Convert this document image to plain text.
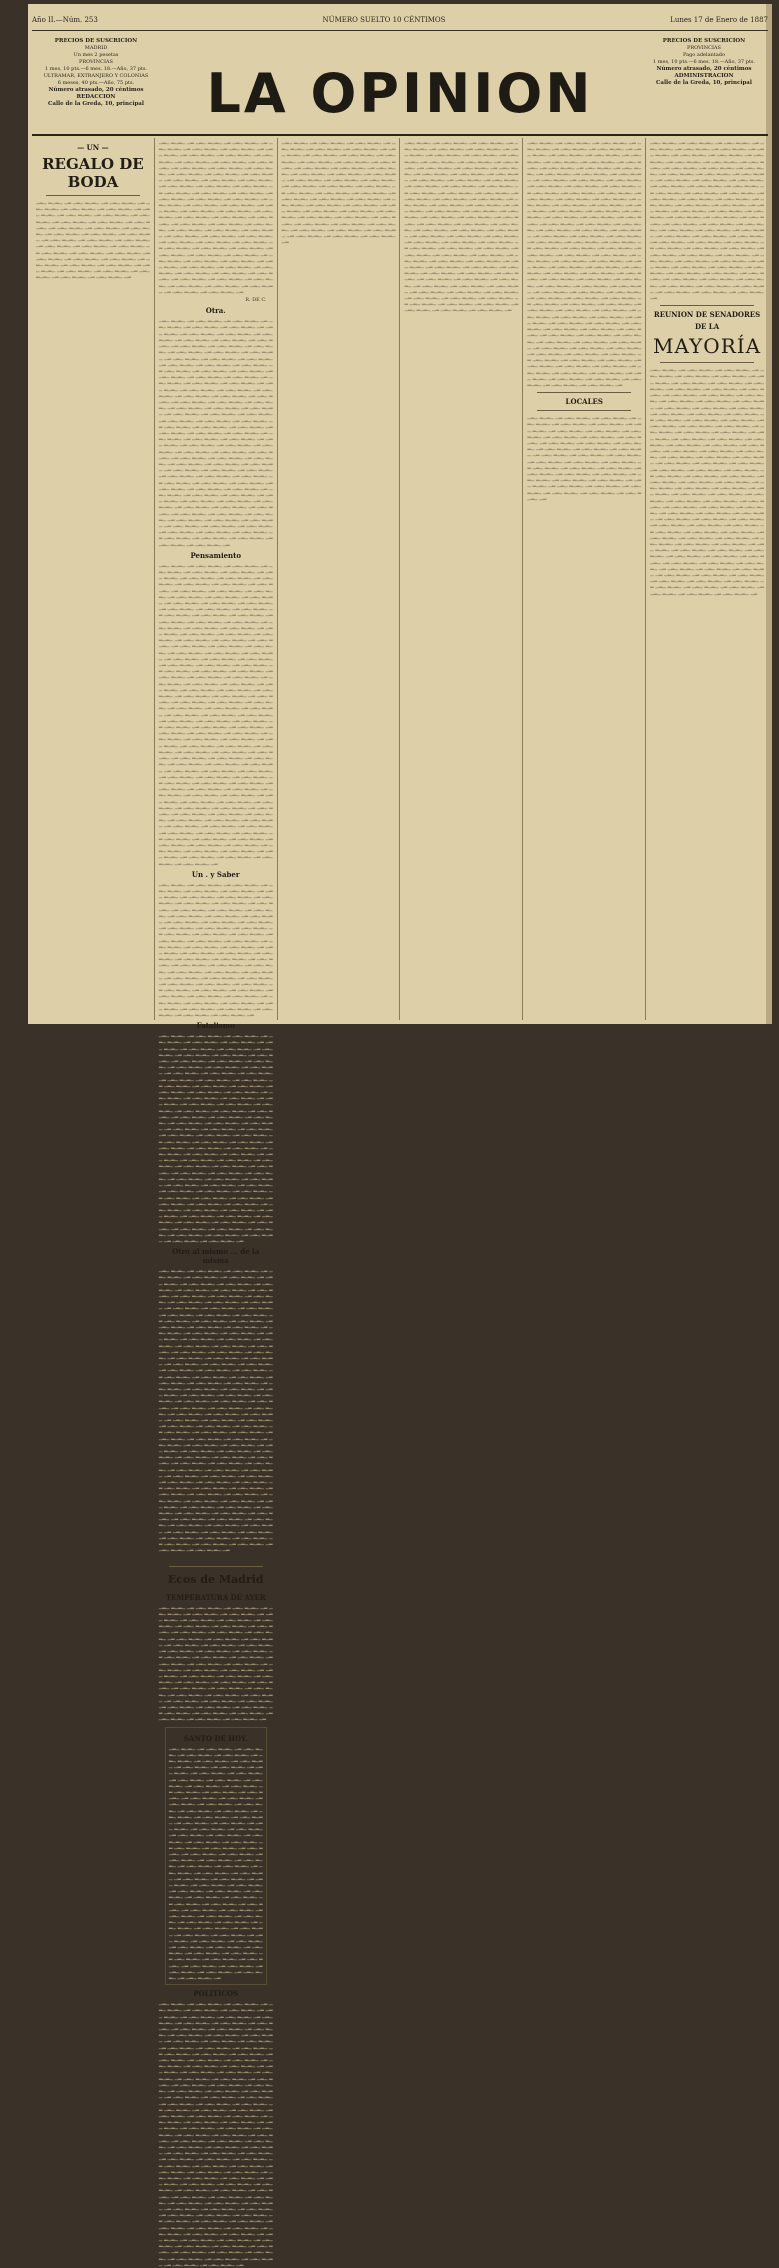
Año II.—Núm. 253	NÚMERO SUELTO 10 CÉNTIMOS	Lunes 17 de Enero de 1887
PRECIOS DE SUSCRICION
MADRID
Un mes 2 pesetas
PROVINCIAS
1 mes, 10 pts.—6 mes. 18.—Año, 37 pts.
ULTRAMAR, EXTRANJERO Y COLONIAS
6 meses, 40 pts.—Año, 75 pts.
Número atrasado, 20 céntimos
REDACCION
Calle de la Greda, 10, principal LA OPINION
PRECIOS DE SUSCRICION
PROVINCIAS
Pago adelantado
1 mes, 10 pts.—6 mes. 18.—Año, 37 pts.
Número atrasado, 20 céntimos
ADMINISTRACION
Calle de la Greda, 10, principal
— UN —
REGALO DE BODA
▁▂▁ ▂▁▂▁ ▁▂ ▁▂▁ ▂▁▂▁ ▁▂ ▁▂▁ ▂▁▂▁ ▁▂ ▁▂▁ ▂▁▂▁ ▁▂ ▁▂▁ ▂▁▂▁ ▁▂ ▁▂▁ ▂▁▂▁ ▁▂ ▁▂▁ ▂▁▂▁ ▁▂ ▁▂▁ ▂▁▂▁ ▁▂ ▁▂▁ ▂▁▂▁ ▁▂ ▁▂▁ ▂▁▂▁ ▁▂ ▁▂▁ ▂▁▂▁ ▁▂ ▁▂▁ ▂▁▂▁ ▁▂ ▁▂▁ ▂▁▂▁ ▁▂ ▁▂▁ ▂▁▂▁ ▁▂ ▁▂▁ ▂▁▂▁ ▁▂ ▁▂▁ ▂▁▂▁ ▁▂ ▁▂▁ ▂▁▂▁ ▁▂ ▁▂▁ ▂▁▂▁ ▁▂ ▁▂▁ ▂▁▂▁ ▁▂ ▁▂▁ ▂▁▂▁ ▁▂ ▁▂▁ ▂▁▂▁ ▁▂ ▁▂▁ ▂▁▂▁ ▁▂ ▁▂▁ ▂▁▂▁ ▁▂ ▁▂▁ ▂▁▂▁ ▁▂ ▁▂▁ ▂▁▂▁ ▁▂ ▁▂▁ ▂▁▂▁ ▁▂ ▁▂▁ ▂▁▂▁ ▁▂ ▁▂▁ ▂▁▂▁ ▁▂ ▁▂▁ ▂▁▂▁ ▁▂ ▁▂▁ ▂▁▂▁ ▁▂ ▁▂▁ ▂▁▂▁ ▁▂ ▁▂▁ ▂▁▂▁ ▁▂ ▁▂▁ ▂▁▂▁ ▁▂ ▁▂▁ ▂▁▂▁ ▁▂ ▁▂▁ ▂▁▂▁ ▁▂ ▁▂▁ ▂▁▂▁ ▁▂ ▁▂▁ ▂▁▂▁ ▁▂ ▁▂▁ ▂▁▂▁ ▁▂ ▁▂▁ ▂▁▂▁ ▁▂ ▁▂▁ ▂▁▂▁ ▁▂
▁▂▁ ▂▁▂▁ ▁▂ ▁▂▁ ▂▁▂▁ ▁▂ ▁▂▁ ▂▁▂▁ ▁▂ ▁▂▁ ▂▁▂▁ ▁▂ ▁▂▁ ▂▁▂▁ ▁▂ ▁▂▁ ▂▁▂▁ ▁▂ ▁▂▁ ▂▁▂▁ ▁▂ ▁▂▁ ▂▁▂▁ ▁▂ ▁▂▁ ▂▁▂▁ ▁▂ ▁▂▁ ▂▁▂▁ ▁▂ ▁▂▁ ▂▁▂▁ ▁▂ ▁▂▁ ▂▁▂▁ ▁▂ ▁▂▁ ▂▁▂▁ ▁▂ ▁▂▁ ▂▁▂▁ ▁▂ ▁▂▁ ▂▁▂▁ ▁▂ ▁▂▁ ▂▁▂▁ ▁▂ ▁▂▁ ▂▁▂▁ ▁▂ ▁▂▁ ▂▁▂▁ ▁▂ ▁▂▁ ▂▁▂▁ ▁▂ ▁▂▁ ▂▁▂▁ ▁▂ ▁▂▁ ▂▁▂▁ ▁▂ ▁▂▁ ▂▁▂▁ ▁▂ ▁▂▁ ▂▁▂▁ ▁▂ ▁▂▁ ▂▁▂▁ ▁▂ ▁▂▁ ▂▁▂▁ ▁▂ ▁▂▁ ▂▁▂▁ ▁▂ ▁▂▁ ▂▁▂▁ ▁▂ ▁▂▁ ▂▁▂▁ ▁▂ ▁▂▁ ▂▁▂▁ ▁▂ ▁▂▁ ▂▁▂▁ ▁▂ ▁▂▁ ▂▁▂▁ ▁▂ ▁▂▁ ▂▁▂▁ ▁▂ ▁▂▁ ▂▁▂▁ ▁▂ ▁▂▁ ▂▁▂▁ ▁▂ ▁▂▁ ▂▁▂▁ ▁▂ ▁▂▁ ▂▁▂▁ ▁▂ ▁▂▁ ▂▁▂▁ ▁▂ ▁▂▁ ▂▁▂▁ ▁▂ ▁▂▁ ▂▁▂▁ ▁▂ ▁▂▁ ▂▁▂▁ ▁▂ ▁▂▁ ▂▁▂▁ ▁▂ ▁▂▁ ▂▁▂▁ ▁▂ ▁▂▁ ▂▁▂▁ ▁▂ ▁▂▁ ▂▁▂▁ ▁▂ ▁▂▁ ▂▁▂▁ ▁▂ ▁▂▁ ▂▁▂▁ ▁▂ ▁▂▁ ▂▁▂▁ ▁▂ ▁▂▁ ▂▁▂▁ ▁▂ ▁▂▁ ▂▁▂▁ ▁▂ ▁▂▁ ▂▁▂▁ ▁▂ ▁▂▁ ▂▁▂▁ ▁▂ ▁▂▁ ▂▁▂▁ ▁▂ ▁▂▁ ▂▁▂▁ ▁▂ ▁▂▁ ▂▁▂▁ ▁▂ ▁▂▁ ▂▁▂▁ ▁▂ ▁▂▁ ▂▁▂▁ ▁▂ ▁▂▁ ▂▁▂▁ ▁▂ ▁▂▁ ▂▁▂▁ ▁▂ ▁▂▁ ▂▁▂▁ ▁▂ ▁▂▁ ▂▁▂▁ ▁▂ ▁▂▁ ▂▁▂▁ ▁▂ ▁▂▁ ▂▁▂▁ ▁▂ ▁▂▁ ▂▁▂▁ ▁▂ ▁▂▁ ▂▁▂▁ ▁▂ ▁▂▁ ▂▁▂▁ ▁▂ ▁▂▁ ▂▁▂▁ ▁▂ ▁▂▁ ▂▁▂▁ ▁▂ ▁▂▁ ▂▁▂▁ ▁▂ ▁▂▁ ▂▁▂▁ ▁▂ ▁▂▁ ▂▁▂▁ ▁▂ ▁▂▁ ▂▁▂▁ ▁▂ ▁▂▁ ▂▁▂▁ ▁▂ ▁▂▁ ▂▁▂▁ ▁▂ ▁▂▁ ▂▁▂▁ ▁▂ ▁▂▁ ▂▁▂▁ ▁▂ ▁▂▁ ▂▁▂▁ ▁▂ ▁▂▁ ▂▁▂▁ ▁▂
R. DE C.
Otra.
▁▂▁ ▂▁▂▁ ▁▂ ▁▂▁ ▂▁▂▁ ▁▂ ▁▂▁ ▂▁▂▁ ▁▂ ▁▂▁ ▂▁▂▁ ▁▂ ▁▂▁ ▂▁▂▁ ▁▂ ▁▂▁ ▂▁▂▁ ▁▂ ▁▂▁ ▂▁▂▁ ▁▂ ▁▂▁ ▂▁▂▁ ▁▂ ▁▂▁ ▂▁▂▁ ▁▂ ▁▂▁ ▂▁▂▁ ▁▂ ▁▂▁ ▂▁▂▁ ▁▂ ▁▂▁ ▂▁▂▁ ▁▂ ▁▂▁ ▂▁▂▁ ▁▂ ▁▂▁ ▂▁▂▁ ▁▂ ▁▂▁ ▂▁▂▁ ▁▂ ▁▂▁ ▂▁▂▁ ▁▂ ▁▂▁ ▂▁▂▁ ▁▂ ▁▂▁ ▂▁▂▁ ▁▂ ▁▂▁ ▂▁▂▁ ▁▂ ▁▂▁ ▂▁▂▁ ▁▂ ▁▂▁ ▂▁▂▁ ▁▂ ▁▂▁ ▂▁▂▁ ▁▂ ▁▂▁ ▂▁▂▁ ▁▂ ▁▂▁ ▂▁▂▁ ▁▂ ▁▂▁ ▂▁▂▁ ▁▂ ▁▂▁ ▂▁▂▁ ▁▂ ▁▂▁ ▂▁▂▁ ▁▂ ▁▂▁ ▂▁▂▁ ▁▂ ▁▂▁ ▂▁▂▁ ▁▂ ▁▂▁ ▂▁▂▁ ▁▂ ▁▂▁ ▂▁▂▁ ▁▂ ▁▂▁ ▂▁▂▁ ▁▂ ▁▂▁ ▂▁▂▁ ▁▂ ▁▂▁ ▂▁▂▁ ▁▂ ▁▂▁ ▂▁▂▁ ▁▂ ▁▂▁ ▂▁▂▁ ▁▂ ▁▂▁ ▂▁▂▁ ▁▂ ▁▂▁ ▂▁▂▁ ▁▂ ▁▂▁ ▂▁▂▁ ▁▂ ▁▂▁ ▂▁▂▁ ▁▂ ▁▂▁ ▂▁▂▁ ▁▂ ▁▂▁ ▂▁▂▁ ▁▂ ▁▂▁ ▂▁▂▁ ▁▂ ▁▂▁ ▂▁▂▁ ▁▂ ▁▂▁ ▂▁▂▁ ▁▂ ▁▂▁ ▂▁▂▁ ▁▂ ▁▂▁ ▂▁▂▁ ▁▂ ▁▂▁ ▂▁▂▁ ▁▂ ▁▂▁ ▂▁▂▁ ▁▂ ▁▂▁ ▂▁▂▁ ▁▂ ▁▂▁ ▂▁▂▁ ▁▂ ▁▂▁ ▂▁▂▁ ▁▂ ▁▂▁ ▂▁▂▁ ▁▂ ▁▂▁ ▂▁▂▁ ▁▂ ▁▂▁ ▂▁▂▁ ▁▂ ▁▂▁ ▂▁▂▁ ▁▂ ▁▂▁ ▂▁▂▁ ▁▂ ▁▂▁ ▂▁▂▁ ▁▂ ▁▂▁ ▂▁▂▁ ▁▂ ▁▂▁ ▂▁▂▁ ▁▂ ▁▂▁ ▂▁▂▁ ▁▂ ▁▂▁ ▂▁▂▁ ▁▂ ▁▂▁ ▂▁▂▁ ▁▂ ▁▂▁ ▂▁▂▁ ▁▂ ▁▂▁ ▂▁▂▁ ▁▂ ▁▂▁ ▂▁▂▁ ▁▂ ▁▂▁ ▂▁▂▁ ▁▂ ▁▂▁ ▂▁▂▁ ▁▂ ▁▂▁ ▂▁▂▁ ▁▂ ▁▂▁ ▂▁▂▁ ▁▂ ▁▂▁ ▂▁▂▁ ▁▂ ▁▂▁ ▂▁▂▁ ▁▂ ▁▂▁ ▂▁▂▁ ▁▂ ▁▂▁ ▂▁▂▁ ▁▂ ▁▂▁ ▂▁▂▁ ▁▂ ▁▂▁ ▂▁▂▁ ▁▂ ▁▂▁ ▂▁▂▁ ▁▂ ▁▂▁ ▂▁▂▁ ▁▂ ▁▂▁ ▂▁▂▁ ▁▂ ▁▂▁ ▂▁▂▁ ▁▂ ▁▂▁ ▂▁▂▁ ▁▂ ▁▂▁ ▂▁▂▁ ▁▂ ▁▂▁ ▂▁▂▁ ▁▂ ▁▂▁ ▂▁▂▁ ▁▂ ▁▂▁ ▂▁▂▁ ▁▂ ▁▂▁ ▂▁▂▁ ▁▂ ▁▂▁ ▂▁▂▁ ▁▂ ▁▂▁ ▂▁▂▁ ▁▂ ▁▂▁ ▂▁▂▁ ▁▂ ▁▂▁ ▂▁▂▁ ▁▂ ▁▂▁ ▂▁▂▁ ▁▂ ▁▂▁ ▂▁▂▁ ▁▂ ▁▂▁ ▂▁▂▁ ▁▂ ▁▂▁ ▂▁▂▁ ▁▂ ▁▂▁ ▂▁▂▁ ▁▂ ▁▂▁ ▂▁▂▁ ▁▂ ▁▂▁ ▂▁▂▁ ▁▂ ▁▂▁ ▂▁▂▁ ▁▂ ▁▂▁ ▂▁▂▁ ▁▂ ▁▂▁ ▂▁▂▁ ▁▂ ▁▂▁ ▂▁▂▁ ▁▂ ▁▂▁ ▂▁▂▁ ▁▂ ▁▂▁ ▂▁▂▁ ▁▂ ▁▂▁ ▂▁▂▁ ▁▂ ▁▂▁ ▂▁▂▁ ▁▂ ▁▂▁ ▂▁▂▁ ▁▂ ▁▂▁ ▂▁▂▁ ▁▂ ▁▂▁ ▂▁▂▁ ▁▂ ▁▂▁ ▂▁▂▁ ▁▂ ▁▂▁ ▂▁▂▁ ▁▂ ▁▂▁ ▂▁▂▁ ▁▂ ▁▂▁ ▂▁▂▁ ▁▂ ▁▂▁ ▂▁▂▁ ▁▂ ▁▂▁ ▂▁▂▁ ▁▂
Pensamiento
▁▂▁ ▂▁▂▁ ▁▂ ▁▂▁ ▂▁▂▁ ▁▂ ▁▂▁ ▂▁▂▁ ▁▂ ▁▂▁ ▂▁▂▁ ▁▂ ▁▂▁ ▂▁▂▁ ▁▂ ▁▂▁ ▂▁▂▁ ▁▂ ▁▂▁ ▂▁▂▁ ▁▂ ▁▂▁ ▂▁▂▁ ▁▂ ▁▂▁ ▂▁▂▁ ▁▂ ▁▂▁ ▂▁▂▁ ▁▂ ▁▂▁ ▂▁▂▁ ▁▂ ▁▂▁ ▂▁▂▁ ▁▂ ▁▂▁ ▂▁▂▁ ▁▂ ▁▂▁ ▂▁▂▁ ▁▂ ▁▂▁ ▂▁▂▁ ▁▂ ▁▂▁ ▂▁▂▁ ▁▂ ▁▂▁ ▂▁▂▁ ▁▂ ▁▂▁ ▂▁▂▁ ▁▂ ▁▂▁ ▂▁▂▁ ▁▂ ▁▂▁ ▂▁▂▁ ▁▂ ▁▂▁ ▂▁▂▁ ▁▂ ▁▂▁ ▂▁▂▁ ▁▂ ▁▂▁ ▂▁▂▁ ▁▂ ▁▂▁ ▂▁▂▁ ▁▂ ▁▂▁ ▂▁▂▁ ▁▂ ▁▂▁ ▂▁▂▁ ▁▂ ▁▂▁ ▂▁▂▁ ▁▂ ▁▂▁ ▂▁▂▁ ▁▂ ▁▂▁ ▂▁▂▁ ▁▂ ▁▂▁ ▂▁▂▁ ▁▂ ▁▂▁ ▂▁▂▁ ▁▂ ▁▂▁ ▂▁▂▁ ▁▂ ▁▂▁ ▂▁▂▁ ▁▂ ▁▂▁ ▂▁▂▁ ▁▂ ▁▂▁ ▂▁▂▁ ▁▂ ▁▂▁ ▂▁▂▁ ▁▂ ▁▂▁ ▂▁▂▁ ▁▂ ▁▂▁ ▂▁▂▁ ▁▂ ▁▂▁ ▂▁▂▁ ▁▂ ▁▂▁ ▂▁▂▁ ▁▂ ▁▂▁ ▂▁▂▁ ▁▂ ▁▂▁ ▂▁▂▁ ▁▂ ▁▂▁ ▂▁▂▁ ▁▂ ▁▂▁ ▂▁▂▁ ▁▂ ▁▂▁ ▂▁▂▁ ▁▂ ▁▂▁ ▂▁▂▁ ▁▂ ▁▂▁ ▂▁▂▁ ▁▂ ▁▂▁ ▂▁▂▁ ▁▂ ▁▂▁ ▂▁▂▁ ▁▂ ▁▂▁ ▂▁▂▁ ▁▂ ▁▂▁ ▂▁▂▁ ▁▂ ▁▂▁ ▂▁▂▁ ▁▂ ▁▂▁ ▂▁▂▁ ▁▂ ▁▂▁ ▂▁▂▁ ▁▂ ▁▂▁ ▂▁▂▁ ▁▂ ▁▂▁ ▂▁▂▁ ▁▂ ▁▂▁ ▂▁▂▁ ▁▂ ▁▂▁ ▂▁▂▁ ▁▂ ▁▂▁ ▂▁▂▁ ▁▂ ▁▂▁ ▂▁▂▁ ▁▂ ▁▂▁ ▂▁▂▁ ▁▂ ▁▂▁ ▂▁▂▁ ▁▂ ▁▂▁ ▂▁▂▁ ▁▂ ▁▂▁ ▂▁▂▁ ▁▂ ▁▂▁ ▂▁▂▁ ▁▂ ▁▂▁ ▂▁▂▁ ▁▂ ▁▂▁ ▂▁▂▁ ▁▂ ▁▂▁ ▂▁▂▁ ▁▂ ▁▂▁ ▂▁▂▁ ▁▂ ▁▂▁ ▂▁▂▁ ▁▂ ▁▂▁ ▂▁▂▁ ▁▂ ▁▂▁ ▂▁▂▁ ▁▂ ▁▂▁ ▂▁▂▁ ▁▂ ▁▂▁ ▂▁▂▁ ▁▂ ▁▂▁ ▂▁▂▁ ▁▂ ▁▂▁ ▂▁▂▁ ▁▂ ▁▂▁ ▂▁▂▁ ▁▂ ▁▂▁ ▂▁▂▁ ▁▂ ▁▂▁ ▂▁▂▁ ▁▂ ▁▂▁ ▂▁▂▁ ▁▂ ▁▂▁ ▂▁▂▁ ▁▂ ▁▂▁ ▂▁▂▁ ▁▂ ▁▂▁ ▂▁▂▁ ▁▂ ▁▂▁ ▂▁▂▁ ▁▂ ▁▂▁ ▂▁▂▁ ▁▂ ▁▂▁ ▂▁▂▁ ▁▂ ▁▂▁ ▂▁▂▁ ▁▂ ▁▂▁ ▂▁▂▁ ▁▂ ▁▂▁ ▂▁▂▁ ▁▂ ▁▂▁ ▂▁▂▁ ▁▂ ▁▂▁ ▂▁▂▁ ▁▂ ▁▂▁ ▂▁▂▁ ▁▂ ▁▂▁ ▂▁▂▁ ▁▂ ▁▂▁ ▂▁▂▁ ▁▂ ▁▂▁ ▂▁▂▁ ▁▂ ▁▂▁ ▂▁▂▁ ▁▂ ▁▂▁ ▂▁▂▁ ▁▂ ▁▂▁ ▂▁▂▁ ▁▂ ▁▂▁ ▂▁▂▁ ▁▂ ▁▂▁ ▂▁▂▁ ▁▂ ▁▂▁ ▂▁▂▁ ▁▂ ▁▂▁ ▂▁▂▁ ▁▂ ▁▂▁ ▂▁▂▁ ▁▂ ▁▂▁ ▂▁▂▁ ▁▂ ▁▂▁ ▂▁▂▁ ▁▂ ▁▂▁ ▂▁▂▁ ▁▂ ▁▂▁ ▂▁▂▁ ▁▂ ▁▂▁ ▂▁▂▁ ▁▂ ▁▂▁ ▂▁▂▁ ▁▂ ▁▂▁ ▂▁▂▁ ▁▂ ▁▂▁ ▂▁▂▁ ▁▂ ▁▂▁ ▂▁▂▁ ▁▂ ▁▂▁ ▂▁▂▁ ▁▂ ▁▂▁ ▂▁▂▁ ▁▂ ▁▂▁ ▂▁▂▁ ▁▂ ▁▂▁ ▂▁▂▁ ▁▂ ▁▂▁ ▂▁▂▁ ▁▂ ▁▂▁ ▂▁▂▁ ▁▂ ▁▂▁ ▂▁▂▁ ▁▂ ▁▂▁ ▂▁▂▁ ▁▂ ▁▂▁ ▂▁▂▁ ▁▂ ▁▂▁ ▂▁▂▁ ▁▂ ▁▂▁ ▂▁▂▁ ▁▂ ▁▂▁ ▂▁▂▁ ▁▂ ▁▂▁ ▂▁▂▁ ▁▂ ▁▂▁ ▂▁▂▁ ▁▂ ▁▂▁ ▂▁▂▁ ▁▂ ▁▂▁ ▂▁▂▁ ▁▂ ▁▂▁ ▂▁▂▁ ▁▂ ▁▂▁ ▂▁▂▁ ▁▂ ▁▂▁ ▂▁▂▁ ▁▂ ▁▂▁ ▂▁▂▁ ▁▂ ▁▂▁ ▂▁▂▁ ▁▂ ▁▂▁ ▂▁▂▁ ▁▂ ▁▂▁ ▂▁▂▁ ▁▂ ▁▂▁ ▂▁▂▁ ▁▂ ▁▂▁ ▂▁▂▁ ▁▂ ▁▂▁ ▂▁▂▁ ▁▂ ▁▂▁ ▂▁▂▁ ▁▂ ▁▂▁ ▂▁▂▁ ▁▂ ▁▂▁ ▂▁▂▁ ▁▂ ▁▂▁ ▂▁▂▁ ▁▂ ▁▂▁ ▂▁▂▁ ▁▂ ▁▂▁ ▂▁▂▁ ▁▂ ▁▂▁ ▂▁▂▁ ▁▂ ▁▂▁ ▂▁▂▁ ▁▂ ▁▂▁ ▂▁▂▁ ▁▂ ▁▂▁ ▂▁▂▁ ▁▂ ▁▂▁ ▂▁▂▁ ▁▂ ▁▂▁ ▂▁▂▁ ▁▂ ▁▂▁ ▂▁▂▁ ▁▂
Un . y Saber
▁▂▁ ▂▁▂▁ ▁▂ ▁▂▁ ▂▁▂▁ ▁▂ ▁▂▁ ▂▁▂▁ ▁▂ ▁▂▁ ▂▁▂▁ ▁▂ ▁▂▁ ▂▁▂▁ ▁▂ ▁▂▁ ▂▁▂▁ ▁▂ ▁▂▁ ▂▁▂▁ ▁▂ ▁▂▁ ▂▁▂▁ ▁▂ ▁▂▁ ▂▁▂▁ ▁▂ ▁▂▁ ▂▁▂▁ ▁▂ ▁▂▁ ▂▁▂▁ ▁▂ ▁▂▁ ▂▁▂▁ ▁▂ ▁▂▁ ▂▁▂▁ ▁▂ ▁▂▁ ▂▁▂▁ ▁▂ ▁▂▁ ▂▁▂▁ ▁▂ ▁▂▁ ▂▁▂▁ ▁▂ ▁▂▁ ▂▁▂▁ ▁▂ ▁▂▁ ▂▁▂▁ ▁▂ ▁▂▁ ▂▁▂▁ ▁▂ ▁▂▁ ▂▁▂▁ ▁▂ ▁▂▁ ▂▁▂▁ ▁▂ ▁▂▁ ▂▁▂▁ ▁▂ ▁▂▁ ▂▁▂▁ ▁▂ ▁▂▁ ▂▁▂▁ ▁▂ ▁▂▁ ▂▁▂▁ ▁▂ ▁▂▁ ▂▁▂▁ ▁▂ ▁▂▁ ▂▁▂▁ ▁▂ ▁▂▁ ▂▁▂▁ ▁▂ ▁▂▁ ▂▁▂▁ ▁▂ ▁▂▁ ▂▁▂▁ ▁▂ ▁▂▁ ▂▁▂▁ ▁▂ ▁▂▁ ▂▁▂▁ ▁▂ ▁▂▁ ▂▁▂▁ ▁▂ ▁▂▁ ▂▁▂▁ ▁▂ ▁▂▁ ▂▁▂▁ ▁▂ ▁▂▁ ▂▁▂▁ ▁▂ ▁▂▁ ▂▁▂▁ ▁▂ ▁▂▁ ▂▁▂▁ ▁▂ ▁▂▁ ▂▁▂▁ ▁▂ ▁▂▁ ▂▁▂▁ ▁▂ ▁▂▁ ▂▁▂▁ ▁▂ ▁▂▁ ▂▁▂▁ ▁▂ ▁▂▁ ▂▁▂▁ ▁▂ ▁▂▁ ▂▁▂▁ ▁▂ ▁▂▁ ▂▁▂▁ ▁▂ ▁▂▁ ▂▁▂▁ ▁▂ ▁▂▁ ▂▁▂▁ ▁▂ ▁▂▁ ▂▁▂▁ ▁▂ ▁▂▁ ▂▁▂▁ ▁▂ ▁▂▁ ▂▁▂▁ ▁▂ ▁▂▁ ▂▁▂▁ ▁▂ ▁▂▁ ▂▁▂▁ ▁▂ ▁▂▁ ▂▁▂▁ ▁▂ ▁▂▁ ▂▁▂▁ ▁▂ ▁▂▁ ▂▁▂▁ ▁▂ ▁▂▁ ▂▁▂▁ ▁▂ ▁▂▁ ▂▁▂▁ ▁▂ ▁▂▁ ▂▁▂▁ ▁▂ ▁▂▁ ▂▁▂▁ ▁▂ ▁▂▁ ▂▁▂▁ ▁▂ ▁▂▁ ▂▁▂▁ ▁▂ ▁▂▁ ▂▁▂▁ ▁▂ ▁▂▁ ▂▁▂▁ ▁▂ ▁▂▁ ▂▁▂▁ ▁▂ ▁▂▁ ▂▁▂▁ ▁▂ ▁▂▁ ▂▁▂▁ ▁▂ ▁▂▁ ▂▁▂▁ ▁▂ ▁▂▁ ▂▁▂▁ ▁▂
Fatalismo
▁▂▁ ▂▁▂▁ ▁▂ ▁▂▁ ▂▁▂▁ ▁▂ ▁▂▁ ▂▁▂▁ ▁▂ ▁▂▁ ▂▁▂▁ ▁▂ ▁▂▁ ▂▁▂▁ ▁▂ ▁▂▁ ▂▁▂▁ ▁▂ ▁▂▁ ▂▁▂▁ ▁▂ ▁▂▁ ▂▁▂▁ ▁▂ ▁▂▁ ▂▁▂▁ ▁▂ ▁▂▁ ▂▁▂▁ ▁▂ ▁▂▁ ▂▁▂▁ ▁▂ ▁▂▁ ▂▁▂▁ ▁▂ ▁▂▁ ▂▁▂▁ ▁▂ ▁▂▁ ▂▁▂▁ ▁▂ ▁▂▁ ▂▁▂▁ ▁▂ ▁▂▁ ▂▁▂▁ ▁▂ ▁▂▁ ▂▁▂▁ ▁▂ ▁▂▁ ▂▁▂▁ ▁▂ ▁▂▁ ▂▁▂▁ ▁▂ ▁▂▁ ▂▁▂▁ ▁▂ ▁▂▁ ▂▁▂▁ ▁▂ ▁▂▁ ▂▁▂▁ ▁▂ ▁▂▁ ▂▁▂▁ ▁▂ ▁▂▁ ▂▁▂▁ ▁▂ ▁▂▁ ▂▁▂▁ ▁▂ ▁▂▁ ▂▁▂▁ ▁▂ ▁▂▁ ▂▁▂▁ ▁▂ ▁▂▁ ▂▁▂▁ ▁▂ ▁▂▁ ▂▁▂▁ ▁▂ ▁▂▁ ▂▁▂▁ ▁▂ ▁▂▁ ▂▁▂▁ ▁▂ ▁▂▁ ▂▁▂▁ ▁▂ ▁▂▁ ▂▁▂▁ ▁▂ ▁▂▁ ▂▁▂▁ ▁▂ ▁▂▁ ▂▁▂▁ ▁▂ ▁▂▁ ▂▁▂▁ ▁▂ ▁▂▁ ▂▁▂▁ ▁▂ ▁▂▁ ▂▁▂▁ ▁▂ ▁▂▁ ▂▁▂▁ ▁▂ ▁▂▁ ▂▁▂▁ ▁▂ ▁▂▁ ▂▁▂▁ ▁▂ ▁▂▁ ▂▁▂▁ ▁▂ ▁▂▁ ▂▁▂▁ ▁▂ ▁▂▁ ▂▁▂▁ ▁▂ ▁▂▁ ▂▁▂▁ ▁▂ ▁▂▁ ▂▁▂▁ ▁▂ ▁▂▁ ▂▁▂▁ ▁▂ ▁▂▁ ▂▁▂▁ ▁▂ ▁▂▁ ▂▁▂▁ ▁▂ ▁▂▁ ▂▁▂▁ ▁▂ ▁▂▁ ▂▁▂▁ ▁▂ ▁▂▁ ▂▁▂▁ ▁▂ ▁▂▁ ▂▁▂▁ ▁▂ ▁▂▁ ▂▁▂▁ ▁▂ ▁▂▁ ▂▁▂▁ ▁▂ ▁▂▁ ▂▁▂▁ ▁▂ ▁▂▁ ▂▁▂▁ ▁▂ ▁▂▁ ▂▁▂▁ ▁▂ ▁▂▁ ▂▁▂▁ ▁▂ ▁▂▁ ▂▁▂▁ ▁▂ ▁▂▁ ▂▁▂▁ ▁▂ ▁▂▁ ▂▁▂▁ ▁▂ ▁▂▁ ▂▁▂▁ ▁▂ ▁▂▁ ▂▁▂▁ ▁▂ ▁▂▁ ▂▁▂▁ ▁▂ ▁▂▁ ▂▁▂▁ ▁▂ ▁▂▁ ▂▁▂▁ ▁▂ ▁▂▁ ▂▁▂▁ ▁▂ ▁▂▁ ▂▁▂▁ ▁▂ ▁▂▁ ▂▁▂▁ ▁▂ ▁▂▁ ▂▁▂▁ ▁▂ ▁▂▁ ▂▁▂▁ ▁▂ ▁▂▁ ▂▁▂▁ ▁▂ ▁▂▁ ▂▁▂▁ ▁▂ ▁▂▁ ▂▁▂▁ ▁▂ ▁▂▁ ▂▁▂▁ ▁▂ ▁▂▁ ▂▁▂▁ ▁▂ ▁▂▁ ▂▁▂▁ ▁▂ ▁▂▁ ▂▁▂▁ ▁▂ ▁▂▁ ▂▁▂▁ ▁▂ ▁▂▁ ▂▁▂▁ ▁▂ ▁▂▁ ▂▁▂▁ ▁▂ ▁▂▁ ▂▁▂▁ ▁▂ ▁▂▁ ▂▁▂▁ ▁▂ ▁▂▁ ▂▁▂▁ ▁▂ ▁▂▁ ▂▁▂▁ ▁▂ ▁▂▁ ▂▁▂▁ ▁▂ ▁▂▁ ▂▁▂▁ ▁▂ ▁▂▁ ▂▁▂▁ ▁▂ ▁▂▁ ▂▁▂▁ ▁▂ ▁▂▁ ▂▁▂▁ ▁▂ ▁▂▁ ▂▁▂▁ ▁▂ ▁▂▁ ▂▁▂▁ ▁▂ ▁▂▁ ▂▁▂▁ ▁▂ ▁▂▁ ▂▁▂▁ ▁▂ ▁▂▁ ▂▁▂▁ ▁▂ ▁▂▁ ▂▁▂▁ ▁▂ ▁▂▁ ▂▁▂▁ ▁▂ ▁▂▁ ▂▁▂▁ ▁▂ ▁▂▁ ▂▁▂▁ ▁▂ ▁▂▁ ▂▁▂▁ ▁▂ ▁▂▁ ▂▁▂▁ ▁▂ ▁▂▁ ▂▁▂▁ ▁▂ ▁▂▁ ▂▁▂▁ ▁▂ ▁▂▁ ▂▁▂▁ ▁▂
Otro al mismo ... de la misma
▁▂▁ ▂▁▂▁ ▁▂ ▁▂▁ ▂▁▂▁ ▁▂ ▁▂▁ ▂▁▂▁ ▁▂ ▁▂▁ ▂▁▂▁ ▁▂ ▁▂▁ ▂▁▂▁ ▁▂ ▁▂▁ ▂▁▂▁ ▁▂ ▁▂▁ ▂▁▂▁ ▁▂ ▁▂▁ ▂▁▂▁ ▁▂ ▁▂▁ ▂▁▂▁ ▁▂ ▁▂▁ ▂▁▂▁ ▁▂ ▁▂▁ ▂▁▂▁ ▁▂ ▁▂▁ ▂▁▂▁ ▁▂ ▁▂▁ ▂▁▂▁ ▁▂ ▁▂▁ ▂▁▂▁ ▁▂ ▁▂▁ ▂▁▂▁ ▁▂ ▁▂▁ ▂▁▂▁ ▁▂ ▁▂▁ ▂▁▂▁ ▁▂ ▁▂▁ ▂▁▂▁ ▁▂ ▁▂▁ ▂▁▂▁ ▁▂ ▁▂▁ ▂▁▂▁ ▁▂ ▁▂▁ ▂▁▂▁ ▁▂ ▁▂▁ ▂▁▂▁ ▁▂ ▁▂▁ ▂▁▂▁ ▁▂ ▁▂▁ ▂▁▂▁ ▁▂ ▁▂▁ ▂▁▂▁ ▁▂ ▁▂▁ ▂▁▂▁ ▁▂ ▁▂▁ ▂▁▂▁ ▁▂ ▁▂▁ ▂▁▂▁ ▁▂ ▁▂▁ ▂▁▂▁ ▁▂ ▁▂▁ ▂▁▂▁ ▁▂ ▁▂▁ ▂▁▂▁ ▁▂ ▁▂▁ ▂▁▂▁ ▁▂ ▁▂▁ ▂▁▂▁ ▁▂ ▁▂▁ ▂▁▂▁ ▁▂ ▁▂▁ ▂▁▂▁ ▁▂ ▁▂▁ ▂▁▂▁ ▁▂ ▁▂▁ ▂▁▂▁ ▁▂ ▁▂▁ ▂▁▂▁ ▁▂ ▁▂▁ ▂▁▂▁ ▁▂ ▁▂▁ ▂▁▂▁ ▁▂ ▁▂▁ ▂▁▂▁ ▁▂ ▁▂▁ ▂▁▂▁ ▁▂ ▁▂▁ ▂▁▂▁ ▁▂ ▁▂▁ ▂▁▂▁ ▁▂ ▁▂▁ ▂▁▂▁ ▁▂ ▁▂▁ ▂▁▂▁ ▁▂ ▁▂▁ ▂▁▂▁ ▁▂ ▁▂▁ ▂▁▂▁ ▁▂ ▁▂▁ ▂▁▂▁ ▁▂ ▁▂▁ ▂▁▂▁ ▁▂ ▁▂▁ ▂▁▂▁ ▁▂ ▁▂▁ ▂▁▂▁ ▁▂ ▁▂▁ ▂▁▂▁ ▁▂ ▁▂▁ ▂▁▂▁ ▁▂ ▁▂▁ ▂▁▂▁ ▁▂ ▁▂▁ ▂▁▂▁ ▁▂ ▁▂▁ ▂▁▂▁ ▁▂ ▁▂▁ ▂▁▂▁ ▁▂ ▁▂▁ ▂▁▂▁ ▁▂ ▁▂▁ ▂▁▂▁ ▁▂ ▁▂▁ ▂▁▂▁ ▁▂ ▁▂▁ ▂▁▂▁ ▁▂ ▁▂▁ ▂▁▂▁ ▁▂ ▁▂▁ ▂▁▂▁ ▁▂ ▁▂▁ ▂▁▂▁ ▁▂ ▁▂▁ ▂▁▂▁ ▁▂ ▁▂▁ ▂▁▂▁ ▁▂ ▁▂▁ ▂▁▂▁ ▁▂ ▁▂▁ ▂▁▂▁ ▁▂ ▁▂▁ ▂▁▂▁ ▁▂ ▁▂▁ ▂▁▂▁ ▁▂ ▁▂▁ ▂▁▂▁ ▁▂ ▁▂▁ ▂▁▂▁ ▁▂ ▁▂▁ ▂▁▂▁ ▁▂ ▁▂▁ ▂▁▂▁ ▁▂ ▁▂▁ ▂▁▂▁ ▁▂ ▁▂▁ ▂▁▂▁ ▁▂ ▁▂▁ ▂▁▂▁ ▁▂ ▁▂▁ ▂▁▂▁ ▁▂ ▁▂▁ ▂▁▂▁ ▁▂ ▁▂▁ ▂▁▂▁ ▁▂ ▁▂▁ ▂▁▂▁ ▁▂ ▁▂▁ ▂▁▂▁ ▁▂ ▁▂▁ ▂▁▂▁ ▁▂ ▁▂▁ ▂▁▂▁ ▁▂ ▁▂▁ ▂▁▂▁ ▁▂ ▁▂▁ ▂▁▂▁ ▁▂ ▁▂▁ ▂▁▂▁ ▁▂ ▁▂▁ ▂▁▂▁ ▁▂ ▁▂▁ ▂▁▂▁ ▁▂ ▁▂▁ ▂▁▂▁ ▁▂ ▁▂▁ ▂▁▂▁ ▁▂ ▁▂▁ ▂▁▂▁ ▁▂ ▁▂▁ ▂▁▂▁ ▁▂ ▁▂▁ ▂▁▂▁ ▁▂ ▁▂▁ ▂▁▂▁ ▁▂ ▁▂▁ ▂▁▂▁ ▁▂ ▁▂▁ ▂▁▂▁ ▁▂ ▁▂▁ ▂▁▂▁ ▁▂ ▁▂▁ ▂▁▂▁ ▁▂ ▁▂▁ ▂▁▂▁ ▁▂ ▁▂▁ ▂▁▂▁ ▁▂ ▁▂▁ ▂▁▂▁ ▁▂ ▁▂▁ ▂▁▂▁ ▁▂ ▁▂▁ ▂▁▂▁ ▁▂ ▁▂▁ ▂▁▂▁ ▁▂ ▁▂▁ ▂▁▂▁ ▁▂ ▁▂▁ ▂▁▂▁ ▁▂ ▁▂▁ ▂▁▂▁ ▁▂ ▁▂▁ ▂▁▂▁ ▁▂ ▁▂▁ ▂▁▂▁ ▁▂ ▁▂▁ ▂▁▂▁ ▁▂ ▁▂▁ ▂▁▂▁ ▁▂ ▁▂▁ ▂▁▂▁ ▁▂ ▁▂▁ ▂▁▂▁ ▁▂ ▁▂▁ ▂▁▂▁ ▁▂ ▁▂▁ ▂▁▂▁ ▁▂ ▁▂▁ ▂▁▂▁ ▁▂ ▁▂▁ ▂▁▂▁ ▁▂ ▁▂▁ ▂▁▂▁ ▁▂ ▁▂▁ ▂▁▂▁ ▁▂ ▁▂▁ ▂▁▂▁ ▁▂ ▁▂▁ ▂▁▂▁ ▁▂ ▁▂▁ ▂▁▂▁ ▁▂ ▁▂▁ ▂▁▂▁ ▁▂ ▁▂▁ ▂▁▂▁ ▁▂ ▁▂▁ ▂▁▂▁ ▁▂ ▁▂▁ ▂▁▂▁ ▁▂ ▁▂▁ ▂▁▂▁ ▁▂ ▁▂▁ ▂▁▂▁ ▁▂ ▁▂▁ ▂▁▂▁ ▁▂ ▁▂▁ ▂▁▂▁ ▁▂ ▁▂▁ ▂▁▂▁ ▁▂ ▁▂▁ ▂▁▂▁ ▁▂ ▁▂▁ ▂▁▂▁ ▁▂ ▁▂▁ ▂▁▂▁ ▁▂ ▁▂▁ ▂▁▂▁ ▁▂ ▁▂▁ ▂▁▂▁ ▁▂ ▁▂▁ ▂▁▂▁ ▁▂ ▁▂▁ ▂▁▂▁ ▁▂ ▁▂▁ ▂▁▂▁ ▁▂ ▁▂▁ ▂▁▂▁ ▁▂
Juan de Leo.
Ecos de Madrid
TEMPERATURA DE AYER
▁▂▁ ▂▁▂▁ ▁▂ ▁▂▁ ▂▁▂▁ ▁▂ ▁▂▁ ▂▁▂▁ ▁▂ ▁▂▁ ▂▁▂▁ ▁▂ ▁▂▁ ▂▁▂▁ ▁▂ ▁▂▁ ▂▁▂▁ ▁▂ ▁▂▁ ▂▁▂▁ ▁▂ ▁▂▁ ▂▁▂▁ ▁▂ ▁▂▁ ▂▁▂▁ ▁▂ ▁▂▁ ▂▁▂▁ ▁▂ ▁▂▁ ▂▁▂▁ ▁▂ ▁▂▁ ▂▁▂▁ ▁▂ ▁▂▁ ▂▁▂▁ ▁▂ ▁▂▁ ▂▁▂▁ ▁▂ ▁▂▁ ▂▁▂▁ ▁▂ ▁▂▁ ▂▁▂▁ ▁▂ ▁▂▁ ▂▁▂▁ ▁▂ ▁▂▁ ▂▁▂▁ ▁▂ ▁▂▁ ▂▁▂▁ ▁▂ ▁▂▁ ▂▁▂▁ ▁▂ ▁▂▁ ▂▁▂▁ ▁▂ ▁▂▁ ▂▁▂▁ ▁▂ ▁▂▁ ▂▁▂▁ ▁▂ ▁▂▁ ▂▁▂▁ ▁▂ ▁▂▁ ▂▁▂▁ ▁▂ ▁▂▁ ▂▁▂▁ ▁▂ ▁▂▁ ▂▁▂▁ ▁▂ ▁▂▁ ▂▁▂▁ ▁▂ ▁▂▁ ▂▁▂▁ ▁▂ ▁▂▁ ▂▁▂▁ ▁▂ ▁▂▁ ▂▁▂▁ ▁▂ ▁▂▁ ▂▁▂▁ ▁▂ ▁▂▁ ▂▁▂▁ ▁▂ ▁▂▁ ▂▁▂▁ ▁▂ ▁▂▁ ▂▁▂▁ ▁▂ ▁▂▁ ▂▁▂▁ ▁▂ ▁▂▁ ▂▁▂▁ ▁▂ ▁▂▁ ▂▁▂▁ ▁▂ ▁▂▁ ▂▁▂▁ ▁▂ ▁▂▁ ▂▁▂▁ ▁▂ ▁▂▁ ▂▁▂▁ ▁▂ ▁▂▁ ▂▁▂▁ ▁▂ ▁▂▁ ▂▁▂▁ ▁▂ ▁▂▁ ▂▁▂▁ ▁▂ ▁▂▁ ▂▁▂▁ ▁▂ ▁▂▁ ▂▁▂▁ ▁▂ ▁▂▁ ▂▁▂▁ ▁▂ ▁▂▁ ▂▁▂▁ ▁▂ ▁▂▁ ▂▁▂▁ ▁▂ ▁▂▁ ▂▁▂▁ ▁▂ ▁▂▁ ▂▁▂▁ ▁▂ ▁▂▁ ▂▁▂▁ ▁▂ ▁▂▁ ▂▁▂▁ ▁▂ ▁▂▁ ▂▁▂▁ ▁▂ ▁▂▁ ▂▁▂▁ ▁▂ ▁▂▁ ▂▁▂▁ ▁▂ ▁▂▁ ▂▁▂▁ ▁▂ ▁▂▁ ▂▁▂▁ ▁▂ ▁▂▁ ▂▁▂▁ ▁▂
SANTO DE HOY.
▁▂▁ ▂▁▂▁ ▁▂ ▁▂▁ ▂▁▂▁ ▁▂ ▁▂▁ ▂▁▂▁ ▁▂ ▁▂▁ ▂▁▂▁ ▁▂ ▁▂▁ ▂▁▂▁ ▁▂ ▁▂▁ ▂▁▂▁ ▁▂ ▁▂▁ ▂▁▂▁ ▁▂ ▁▂▁ ▂▁▂▁ ▁▂ ▁▂▁ ▂▁▂▁ ▁▂ ▁▂▁ ▂▁▂▁ ▁▂ ▁▂▁ ▂▁▂▁ ▁▂ ▁▂▁ ▂▁▂▁ ▁▂ ▁▂▁ ▂▁▂▁ ▁▂ ▁▂▁ ▂▁▂▁ ▁▂ ▁▂▁ ▂▁▂▁ ▁▂ ▁▂▁ ▂▁▂▁ ▁▂ ▁▂▁ ▂▁▂▁ ▁▂ ▁▂▁ ▂▁▂▁ ▁▂ ▁▂▁ ▂▁▂▁ ▁▂ ▁▂▁ ▂▁▂▁ ▁▂ ▁▂▁ ▂▁▂▁ ▁▂ ▁▂▁ ▂▁▂▁ ▁▂ ▁▂▁ ▂▁▂▁ ▁▂ ▁▂▁ ▂▁▂▁ ▁▂ ▁▂▁ ▂▁▂▁ ▁▂ ▁▂▁ ▂▁▂▁ ▁▂ ▁▂▁ ▂▁▂▁ ▁▂ ▁▂▁ ▂▁▂▁ ▁▂ ▁▂▁ ▂▁▂▁ ▁▂ ▁▂▁ ▂▁▂▁ ▁▂ ▁▂▁ ▂▁▂▁ ▁▂ ▁▂▁ ▂▁▂▁ ▁▂ ▁▂▁ ▂▁▂▁ ▁▂ ▁▂▁ ▂▁▂▁ ▁▂ ▁▂▁ ▂▁▂▁ ▁▂ ▁▂▁ ▂▁▂▁ ▁▂ ▁▂▁ ▂▁▂▁ ▁▂ ▁▂▁ ▂▁▂▁ ▁▂ ▁▂▁ ▂▁▂▁ ▁▂ ▁▂▁ ▂▁▂▁ ▁▂ ▁▂▁ ▂▁▂▁ ▁▂ ▁▂▁ ▂▁▂▁ ▁▂ ▁▂▁ ▂▁▂▁ ▁▂ ▁▂▁ ▂▁▂▁ ▁▂ ▁▂▁ ▂▁▂▁ ▁▂ ▁▂▁ ▂▁▂▁ ▁▂ ▁▂▁ ▂▁▂▁ ▁▂ ▁▂▁ ▂▁▂▁ ▁▂ ▁▂▁ ▂▁▂▁ ▁▂ ▁▂▁ ▂▁▂▁ ▁▂ ▁▂▁ ▂▁▂▁ ▁▂ ▁▂▁ ▂▁▂▁ ▁▂ ▁▂▁ ▂▁▂▁ ▁▂ ▁▂▁ ▂▁▂▁ ▁▂ ▁▂▁ ▂▁▂▁ ▁▂ ▁▂▁ ▂▁▂▁ ▁▂ ▁▂▁ ▂▁▂▁ ▁▂ ▁▂▁ ▂▁▂▁ ▁▂ ▁▂▁ ▂▁▂▁ ▁▂ ▁▂▁ ▂▁▂▁ ▁▂ ▁▂▁ ▂▁▂▁ ▁▂ ▁▂▁ ▂▁▂▁ ▁▂ ▁▂▁ ▂▁▂▁ ▁▂ ▁▂▁ ▂▁▂▁ ▁▂ ▁▂▁ ▂▁▂▁ ▁▂ ▁▂▁ ▂▁▂▁ ▁▂ ▁▂▁ ▂▁▂▁ ▁▂ ▁▂▁ ▂▁▂▁ ▁▂ ▁▂▁ ▂▁▂▁ ▁▂ ▁▂▁ ▂▁▂▁ ▁▂ ▁▂▁ ▂▁▂▁ ▁▂ ▁▂▁ ▂▁▂▁ ▁▂ ▁▂▁ ▂▁▂▁ ▁▂ ▁▂▁ ▂▁▂▁ ▁▂ ▁▂▁ ▂▁▂▁ ▁▂ ▁▂▁ ▂▁▂▁ ▁▂ ▁▂▁ ▂▁▂▁ ▁▂ ▁▂▁ ▂▁▂▁ ▁▂ ▁▂▁ ▂▁▂▁ ▁▂ ▁▂▁ ▂▁▂▁ ▁▂ ▁▂▁ ▂▁▂▁ ▁▂ ▁▂▁ ▂▁▂▁ ▁▂ ▁▂▁ ▂▁▂▁ ▁▂ ▁▂▁ ▂▁▂▁ ▁▂ ▁▂▁ ▂▁▂▁ ▁▂ ▁▂▁ ▂▁▂▁ ▁▂ ▁▂▁ ▂▁▂▁ ▁▂ ▁▂▁ ▂▁▂▁ ▁▂ ▁▂▁ ▂▁▂▁ ▁▂ ▁▂▁ ▂▁▂▁ ▁▂ ▁▂▁ ▂▁▂▁ ▁▂ ▁▂▁ ▂▁▂▁ ▁▂ ▁▂▁ ▂▁▂▁ ▁▂ ▁▂▁ ▂▁▂▁ ▁▂ ▁▂▁ ▂▁▂▁ ▁▂ ▁▂▁ ▂▁▂▁ ▁▂
POLITICOS
▁▂▁ ▂▁▂▁ ▁▂ ▁▂▁ ▂▁▂▁ ▁▂ ▁▂▁ ▂▁▂▁ ▁▂ ▁▂▁ ▂▁▂▁ ▁▂ ▁▂▁ ▂▁▂▁ ▁▂ ▁▂▁ ▂▁▂▁ ▁▂ ▁▂▁ ▂▁▂▁ ▁▂ ▁▂▁ ▂▁▂▁ ▁▂ ▁▂▁ ▂▁▂▁ ▁▂ ▁▂▁ ▂▁▂▁ ▁▂ ▁▂▁ ▂▁▂▁ ▁▂ ▁▂▁ ▂▁▂▁ ▁▂ ▁▂▁ ▂▁▂▁ ▁▂ ▁▂▁ ▂▁▂▁ ▁▂ ▁▂▁ ▂▁▂▁ ▁▂ ▁▂▁ ▂▁▂▁ ▁▂ ▁▂▁ ▂▁▂▁ ▁▂ ▁▂▁ ▂▁▂▁ ▁▂ ▁▂▁ ▂▁▂▁ ▁▂ ▁▂▁ ▂▁▂▁ ▁▂ ▁▂▁ ▂▁▂▁ ▁▂ ▁▂▁ ▂▁▂▁ ▁▂ ▁▂▁ ▂▁▂▁ ▁▂ ▁▂▁ ▂▁▂▁ ▁▂ ▁▂▁ ▂▁▂▁ ▁▂ ▁▂▁ ▂▁▂▁ ▁▂ ▁▂▁ ▂▁▂▁ ▁▂ ▁▂▁ ▂▁▂▁ ▁▂ ▁▂▁ ▂▁▂▁ ▁▂ ▁▂▁ ▂▁▂▁ ▁▂ ▁▂▁ ▂▁▂▁ ▁▂ ▁▂▁ ▂▁▂▁ ▁▂ ▁▂▁ ▂▁▂▁ ▁▂ ▁▂▁ ▂▁▂▁ ▁▂ ▁▂▁ ▂▁▂▁ ▁▂ ▁▂▁ ▂▁▂▁ ▁▂ ▁▂▁ ▂▁▂▁ ▁▂ ▁▂▁ ▂▁▂▁ ▁▂ ▁▂▁ ▂▁▂▁ ▁▂ ▁▂▁ ▂▁▂▁ ▁▂ ▁▂▁ ▂▁▂▁ ▁▂ ▁▂▁ ▂▁▂▁ ▁▂ ▁▂▁ ▂▁▂▁ ▁▂ ▁▂▁ ▂▁▂▁ ▁▂ ▁▂▁ ▂▁▂▁ ▁▂ ▁▂▁ ▂▁▂▁ ▁▂ ▁▂▁ ▂▁▂▁ ▁▂ ▁▂▁ ▂▁▂▁ ▁▂ ▁▂▁ ▂▁▂▁ ▁▂ ▁▂▁ ▂▁▂▁ ▁▂ ▁▂▁ ▂▁▂▁ ▁▂ ▁▂▁ ▂▁▂▁ ▁▂ ▁▂▁ ▂▁▂▁ ▁▂ ▁▂▁ ▂▁▂▁ ▁▂ ▁▂▁ ▂▁▂▁ ▁▂ ▁▂▁ ▂▁▂▁ ▁▂ ▁▂▁ ▂▁▂▁ ▁▂ ▁▂▁ ▂▁▂▁ ▁▂ ▁▂▁ ▂▁▂▁ ▁▂ ▁▂▁ ▂▁▂▁ ▁▂ ▁▂▁ ▂▁▂▁ ▁▂ ▁▂▁ ▂▁▂▁ ▁▂ ▁▂▁ ▂▁▂▁ ▁▂ ▁▂▁ ▂▁▂▁ ▁▂ ▁▂▁ ▂▁▂▁ ▁▂ ▁▂▁ ▂▁▂▁ ▁▂ ▁▂▁ ▂▁▂▁ ▁▂ ▁▂▁ ▂▁▂▁ ▁▂ ▁▂▁ ▂▁▂▁ ▁▂ ▁▂▁ ▂▁▂▁ ▁▂ ▁▂▁ ▂▁▂▁ ▁▂ ▁▂▁ ▂▁▂▁ ▁▂ ▁▂▁ ▂▁▂▁ ▁▂ ▁▂▁ ▂▁▂▁ ▁▂ ▁▂▁ ▂▁▂▁ ▁▂ ▁▂▁ ▂▁▂▁ ▁▂ ▁▂▁ ▂▁▂▁ ▁▂ ▁▂▁ ▂▁▂▁ ▁▂ ▁▂▁ ▂▁▂▁ ▁▂ ▁▂▁ ▂▁▂▁ ▁▂ ▁▂▁ ▂▁▂▁ ▁▂ ▁▂▁ ▂▁▂▁ ▁▂ ▁▂▁ ▂▁▂▁ ▁▂ ▁▂▁ ▂▁▂▁ ▁▂ ▁▂▁ ▂▁▂▁ ▁▂ ▁▂▁ ▂▁▂▁ ▁▂ ▁▂▁ ▂▁▂▁ ▁▂ ▁▂▁ ▂▁▂▁ ▁▂ ▁▂▁ ▂▁▂▁ ▁▂ ▁▂▁ ▂▁▂▁ ▁▂ ▁▂▁ ▂▁▂▁ ▁▂ ▁▂▁ ▂▁▂▁ ▁▂ ▁▂▁ ▂▁▂▁ ▁▂ ▁▂▁ ▂▁▂▁ ▁▂ ▁▂▁ ▂▁▂▁ ▁▂ ▁▂▁ ▂▁▂▁ ▁▂ ▁▂▁ ▂▁▂▁ ▁▂ ▁▂▁ ▂▁▂▁ ▁▂ ▁▂▁ ▂▁▂▁ ▁▂ ▁▂▁ ▂▁▂▁ ▁▂ ▁▂▁ ▂▁▂▁ ▁▂ ▁▂▁ ▂▁▂▁ ▁▂ ▁▂▁ ▂▁▂▁ ▁▂ ▁▂▁ ▂▁▂▁ ▁▂ ▁▂▁ ▂▁▂▁ ▁▂ ▁▂▁ ▂▁▂▁ ▁▂ ▁▂▁ ▂▁▂▁ ▁▂ ▁▂▁ ▂▁▂▁ ▁▂ ▁▂▁ ▂▁▂▁ ▁▂ ▁▂▁ ▂▁▂▁ ▁▂ ▁▂▁ ▂▁▂▁ ▁▂ ▁▂▁ ▂▁▂▁ ▁▂ ▁▂▁ ▂▁▂▁ ▁▂ ▁▂▁ ▂▁▂▁ ▁▂ ▁▂▁ ▂▁▂▁ ▁▂ ▁▂▁ ▂▁▂▁ ▁▂ ▁▂▁ ▂▁▂▁ ▁▂ ▁▂▁ ▂▁▂▁ ▁▂ ▁▂▁ ▂▁▂▁ ▁▂ ▁▂▁ ▂▁▂▁ ▁▂ ▁▂▁ ▂▁▂▁ ▁▂ ▁▂▁ ▂▁▂▁ ▁▂ ▁▂▁ ▂▁▂▁ ▁▂ ▁▂▁ ▂▁▂▁ ▁▂ ▁▂▁ ▂▁▂▁ ▁▂ ▁▂▁ ▂▁▂▁ ▁▂ ▁▂▁ ▂▁▂▁ ▁▂ ▁▂▁ ▂▁▂▁ ▁▂ ▁▂▁ ▂▁▂▁ ▁▂ ▁▂▁ ▂▁▂▁ ▁▂ ▁▂▁ ▂▁▂▁ ▁▂ ▁▂▁ ▂▁▂▁ ▁▂ ▁▂▁ ▂▁▂▁ ▁▂
▁▂▁ ▂▁▂▁ ▁▂ ▁▂▁ ▂▁▂▁ ▁▂ ▁▂▁ ▂▁▂▁ ▁▂ ▁▂▁ ▂▁▂▁ ▁▂ ▁▂▁ ▂▁▂▁ ▁▂ ▁▂▁ ▂▁▂▁ ▁▂ ▁▂▁ ▂▁▂▁ ▁▂ ▁▂▁ ▂▁▂▁ ▁▂ ▁▂▁ ▂▁▂▁ ▁▂ ▁▂▁ ▂▁▂▁ ▁▂ ▁▂▁ ▂▁▂▁ ▁▂ ▁▂▁ ▂▁▂▁ ▁▂ ▁▂▁ ▂▁▂▁ ▁▂ ▁▂▁ ▂▁▂▁ ▁▂ ▁▂▁ ▂▁▂▁ ▁▂ ▁▂▁ ▂▁▂▁ ▁▂ ▁▂▁ ▂▁▂▁ ▁▂ ▁▂▁ ▂▁▂▁ ▁▂ ▁▂▁ ▂▁▂▁ ▁▂ ▁▂▁ ▂▁▂▁ ▁▂ ▁▂▁ ▂▁▂▁ ▁▂ ▁▂▁ ▂▁▂▁ ▁▂ ▁▂▁ ▂▁▂▁ ▁▂ ▁▂▁ ▂▁▂▁ ▁▂ ▁▂▁ ▂▁▂▁ ▁▂ ▁▂▁ ▂▁▂▁ ▁▂ ▁▂▁ ▂▁▂▁ ▁▂ ▁▂▁ ▂▁▂▁ ▁▂ ▁▂▁ ▂▁▂▁ ▁▂ ▁▂▁ ▂▁▂▁ ▁▂ ▁▂▁ ▂▁▂▁ ▁▂ ▁▂▁ ▂▁▂▁ ▁▂ ▁▂▁ ▂▁▂▁ ▁▂ ▁▂▁ ▂▁▂▁ ▁▂ ▁▂▁ ▂▁▂▁ ▁▂ ▁▂▁ ▂▁▂▁ ▁▂ ▁▂▁ ▂▁▂▁ ▁▂ ▁▂▁ ▂▁▂▁ ▁▂ ▁▂▁ ▂▁▂▁ ▁▂ ▁▂▁ ▂▁▂▁ ▁▂ ▁▂▁ ▂▁▂▁ ▁▂ ▁▂▁ ▂▁▂▁ ▁▂ ▁▂▁ ▂▁▂▁ ▁▂ ▁▂▁ ▂▁▂▁ ▁▂ ▁▂▁ ▂▁▂▁ ▁▂ ▁▂▁ ▂▁▂▁ ▁▂ ▁▂▁ ▂▁▂▁ ▁▂ ▁▂▁ ▂▁▂▁ ▁▂ ▁▂▁ ▂▁▂▁ ▁▂ ▁▂▁ ▂▁▂▁ ▁▂
▁▂▁ ▂▁▂▁ ▁▂ ▁▂▁ ▂▁▂▁ ▁▂ ▁▂▁ ▂▁▂▁ ▁▂ ▁▂▁ ▂▁▂▁ ▁▂ ▁▂▁ ▂▁▂▁ ▁▂ ▁▂▁ ▂▁▂▁ ▁▂ ▁▂▁ ▂▁▂▁ ▁▂ ▁▂▁ ▂▁▂▁ ▁▂ ▁▂▁ ▂▁▂▁ ▁▂ ▁▂▁ ▂▁▂▁ ▁▂ ▁▂▁ ▂▁▂▁ ▁▂ ▁▂▁ ▂▁▂▁ ▁▂ ▁▂▁ ▂▁▂▁ ▁▂ ▁▂▁ ▂▁▂▁ ▁▂ ▁▂▁ ▂▁▂▁ ▁▂ ▁▂▁ ▂▁▂▁ ▁▂ ▁▂▁ ▂▁▂▁ ▁▂ ▁▂▁ ▂▁▂▁ ▁▂ ▁▂▁ ▂▁▂▁ ▁▂ ▁▂▁ ▂▁▂▁ ▁▂ ▁▂▁ ▂▁▂▁ ▁▂ ▁▂▁ ▂▁▂▁ ▁▂ ▁▂▁ ▂▁▂▁ ▁▂ ▁▂▁ ▂▁▂▁ ▁▂ ▁▂▁ ▂▁▂▁ ▁▂ ▁▂▁ ▂▁▂▁ ▁▂ ▁▂▁ ▂▁▂▁ ▁▂ ▁▂▁ ▂▁▂▁ ▁▂ ▁▂▁ ▂▁▂▁ ▁▂ ▁▂▁ ▂▁▂▁ ▁▂ ▁▂▁ ▂▁▂▁ ▁▂ ▁▂▁ ▂▁▂▁ ▁▂ ▁▂▁ ▂▁▂▁ ▁▂ ▁▂▁ ▂▁▂▁ ▁▂ ▁▂▁ ▂▁▂▁ ▁▂ ▁▂▁ ▂▁▂▁ ▁▂ ▁▂▁ ▂▁▂▁ ▁▂ ▁▂▁ ▂▁▂▁ ▁▂ ▁▂▁ ▂▁▂▁ ▁▂ ▁▂▁ ▂▁▂▁ ▁▂ ▁▂▁ ▂▁▂▁ ▁▂ ▁▂▁ ▂▁▂▁ ▁▂ ▁▂▁ ▂▁▂▁ ▁▂ ▁▂▁ ▂▁▂▁ ▁▂ ▁▂▁ ▂▁▂▁ ▁▂ ▁▂▁ ▂▁▂▁ ▁▂ ▁▂▁ ▂▁▂▁ ▁▂ ▁▂▁ ▂▁▂▁ ▁▂ ▁▂▁ ▂▁▂▁ ▁▂ ▁▂▁ ▂▁▂▁ ▁▂ ▁▂▁ ▂▁▂▁ ▁▂ ▁▂▁ ▂▁▂▁ ▁▂ ▁▂▁ ▂▁▂▁ ▁▂ ▁▂▁ ▂▁▂▁ ▁▂ ▁▂▁ ▂▁▂▁ ▁▂ ▁▂▁ ▂▁▂▁ ▁▂ ▁▂▁ ▂▁▂▁ ▁▂ ▁▂▁ ▂▁▂▁ ▁▂ ▁▂▁ ▂▁▂▁ ▁▂ ▁▂▁ ▂▁▂▁ ▁▂ ▁▂▁ ▂▁▂▁ ▁▂ ▁▂▁ ▂▁▂▁ ▁▂ ▁▂▁ ▂▁▂▁ ▁▂ ▁▂▁ ▂▁▂▁ ▁▂ ▁▂▁ ▂▁▂▁ ▁▂ ▁▂▁ ▂▁▂▁ ▁▂ ▁▂▁ ▂▁▂▁ ▁▂ ▁▂▁ ▂▁▂▁ ▁▂ ▁▂▁ ▂▁▂▁ ▁▂ ▁▂▁ ▂▁▂▁ ▁▂ ▁▂▁ ▂▁▂▁ ▁▂ ▁▂▁ ▂▁▂▁ ▁▂ ▁▂▁ ▂▁▂▁ ▁▂ ▁▂▁ ▂▁▂▁ ▁▂ ▁▂▁ ▂▁▂▁ ▁▂ ▁▂▁ ▂▁▂▁ ▁▂ ▁▂▁ ▂▁▂▁ ▁▂ ▁▂▁ ▂▁▂▁ ▁▂ ▁▂▁ ▂▁▂▁ ▁▂ ▁▂▁ ▂▁▂▁ ▁▂ ▁▂▁ ▂▁▂▁ ▁▂ ▁▂▁ ▂▁▂▁ ▁▂ ▁▂▁ ▂▁▂▁ ▁▂ ▁▂▁ ▂▁▂▁ ▁▂ ▁▂▁ ▂▁▂▁ ▁▂ ▁▂▁ ▂▁▂▁ ▁▂ ▁▂▁ ▂▁▂▁ ▁▂
▁▂▁ ▂▁▂▁ ▁▂ ▁▂▁ ▂▁▂▁ ▁▂ ▁▂▁ ▂▁▂▁ ▁▂ ▁▂▁ ▂▁▂▁ ▁▂ ▁▂▁ ▂▁▂▁ ▁▂ ▁▂▁ ▂▁▂▁ ▁▂ ▁▂▁ ▂▁▂▁ ▁▂ ▁▂▁ ▂▁▂▁ ▁▂ ▁▂▁ ▂▁▂▁ ▁▂ ▁▂▁ ▂▁▂▁ ▁▂ ▁▂▁ ▂▁▂▁ ▁▂ ▁▂▁ ▂▁▂▁ ▁▂ ▁▂▁ ▂▁▂▁ ▁▂ ▁▂▁ ▂▁▂▁ ▁▂ ▁▂▁ ▂▁▂▁ ▁▂ ▁▂▁ ▂▁▂▁ ▁▂ ▁▂▁ ▂▁▂▁ ▁▂ ▁▂▁ ▂▁▂▁ ▁▂ ▁▂▁ ▂▁▂▁ ▁▂ ▁▂▁ ▂▁▂▁ ▁▂ ▁▂▁ ▂▁▂▁ ▁▂ ▁▂▁ ▂▁▂▁ ▁▂ ▁▂▁ ▂▁▂▁ ▁▂ ▁▂▁ ▂▁▂▁ ▁▂ ▁▂▁ ▂▁▂▁ ▁▂ ▁▂▁ ▂▁▂▁ ▁▂ ▁▂▁ ▂▁▂▁ ▁▂ ▁▂▁ ▂▁▂▁ ▁▂ ▁▂▁ ▂▁▂▁ ▁▂ ▁▂▁ ▂▁▂▁ ▁▂ ▁▂▁ ▂▁▂▁ ▁▂ ▁▂▁ ▂▁▂▁ ▁▂ ▁▂▁ ▂▁▂▁ ▁▂ ▁▂▁ ▂▁▂▁ ▁▂ ▁▂▁ ▂▁▂▁ ▁▂ ▁▂▁ ▂▁▂▁ ▁▂ ▁▂▁ ▂▁▂▁ ▁▂ ▁▂▁ ▂▁▂▁ ▁▂ ▁▂▁ ▂▁▂▁ ▁▂ ▁▂▁ ▂▁▂▁ ▁▂ ▁▂▁ ▂▁▂▁ ▁▂ ▁▂▁ ▂▁▂▁ ▁▂ ▁▂▁ ▂▁▂▁ ▁▂ ▁▂▁ ▂▁▂▁ ▁▂ ▁▂▁ ▂▁▂▁ ▁▂ ▁▂▁ ▂▁▂▁ ▁▂ ▁▂▁ ▂▁▂▁ ▁▂ ▁▂▁ ▂▁▂▁ ▁▂ ▁▂▁ ▂▁▂▁ ▁▂ ▁▂▁ ▂▁▂▁ ▁▂ ▁▂▁ ▂▁▂▁ ▁▂ ▁▂▁ ▂▁▂▁ ▁▂ ▁▂▁ ▂▁▂▁ ▁▂ ▁▂▁ ▂▁▂▁ ▁▂ ▁▂▁ ▂▁▂▁ ▁▂ ▁▂▁ ▂▁▂▁ ▁▂ ▁▂▁ ▂▁▂▁ ▁▂ ▁▂▁ ▂▁▂▁ ▁▂ ▁▂▁ ▂▁▂▁ ▁▂ ▁▂▁ ▂▁▂▁ ▁▂ ▁▂▁ ▂▁▂▁ ▁▂ ▁▂▁ ▂▁▂▁ ▁▂ ▁▂▁ ▂▁▂▁ ▁▂ ▁▂▁ ▂▁▂▁ ▁▂ ▁▂▁ ▂▁▂▁ ▁▂ ▁▂▁ ▂▁▂▁ ▁▂ ▁▂▁ ▂▁▂▁ ▁▂ ▁▂▁ ▂▁▂▁ ▁▂ ▁▂▁ ▂▁▂▁ ▁▂ ▁▂▁ ▂▁▂▁ ▁▂ ▁▂▁ ▂▁▂▁ ▁▂ ▁▂▁ ▂▁▂▁ ▁▂ ▁▂▁ ▂▁▂▁ ▁▂ ▁▂▁ ▂▁▂▁ ▁▂ ▁▂▁ ▂▁▂▁ ▁▂ ▁▂▁ ▂▁▂▁ ▁▂ ▁▂▁ ▂▁▂▁ ▁▂ ▁▂▁ ▂▁▂▁ ▁▂ ▁▂▁ ▂▁▂▁ ▁▂ ▁▂▁ ▂▁▂▁ ▁▂ ▁▂▁ ▂▁▂▁ ▁▂ ▁▂▁ ▂▁▂▁ ▁▂ ▁▂▁ ▂▁▂▁ ▁▂ ▁▂▁ ▂▁▂▁ ▁▂ ▁▂▁ ▂▁▂▁ ▁▂ ▁▂▁ ▂▁▂▁ ▁▂ ▁▂▁ ▂▁▂▁ ▁▂ ▁▂▁ ▂▁▂▁ ▁▂ ▁▂▁ ▂▁▂▁ ▁▂ ▁▂▁ ▂▁▂▁ ▁▂ ▁▂▁ ▂▁▂▁ ▁▂ ▁▂▁ ▂▁▂▁ ▁▂ ▁▂▁ ▂▁▂▁ ▁▂ ▁▂▁ ▂▁▂▁ ▁▂ ▁▂▁ ▂▁▂▁ ▁▂ ▁▂▁ ▂▁▂▁ ▁▂ ▁▂▁ ▂▁▂▁ ▁▂ ▁▂▁ ▂▁▂▁ ▁▂ ▁▂▁ ▂▁▂▁ ▁▂ ▁▂▁ ▂▁▂▁ ▁▂ ▁▂▁ ▂▁▂▁ ▁▂ ▁▂▁ ▂▁▂▁ ▁▂ ▁▂▁ ▂▁▂▁ ▁▂ ▁▂▁ ▂▁▂▁ ▁▂ ▁▂▁ ▂▁▂▁ ▁▂ ▁▂▁ ▂▁▂▁ ▁▂ ▁▂▁ ▂▁▂▁ ▁▂ ▁▂▁ ▂▁▂▁ ▁▂ ▁▂▁ ▂▁▂▁ ▁▂ ▁▂▁ ▂▁▂▁ ▁▂ ▁▂▁ ▂▁▂▁ ▁▂ ▁▂▁ ▂▁▂▁ ▁▂ ▁▂▁ ▂▁▂▁ ▁▂ ▁▂▁ ▂▁▂▁ ▁▂ ▁▂▁ ▂▁▂▁ ▁▂ ▁▂▁ ▂▁▂▁ ▁▂ ▁▂▁ ▂▁▂▁ ▁▂ ▁▂▁ ▂▁▂▁ ▁▂ ▁▂▁ ▂▁▂▁ ▁▂ ▁▂▁ ▂▁▂▁ ▁▂ ▁▂▁ ▂▁▂▁ ▁▂ ▁▂▁ ▂▁▂▁ ▁▂ ▁▂▁ ▂▁▂▁ ▁▂ ▁▂▁ ▂▁▂▁ ▁▂
LOCALES
▁▂▁ ▂▁▂▁ ▁▂ ▁▂▁ ▂▁▂▁ ▁▂ ▁▂▁ ▂▁▂▁ ▁▂ ▁▂▁ ▂▁▂▁ ▁▂ ▁▂▁ ▂▁▂▁ ▁▂ ▁▂▁ ▂▁▂▁ ▁▂ ▁▂▁ ▂▁▂▁ ▁▂ ▁▂▁ ▂▁▂▁ ▁▂ ▁▂▁ ▂▁▂▁ ▁▂ ▁▂▁ ▂▁▂▁ ▁▂ ▁▂▁ ▂▁▂▁ ▁▂ ▁▂▁ ▂▁▂▁ ▁▂ ▁▂▁ ▂▁▂▁ ▁▂ ▁▂▁ ▂▁▂▁ ▁▂ ▁▂▁ ▂▁▂▁ ▁▂ ▁▂▁ ▂▁▂▁ ▁▂ ▁▂▁ ▂▁▂▁ ▁▂ ▁▂▁ ▂▁▂▁ ▁▂ ▁▂▁ ▂▁▂▁ ▁▂ ▁▂▁ ▂▁▂▁ ▁▂ ▁▂▁ ▂▁▂▁ ▁▂ ▁▂▁ ▂▁▂▁ ▁▂ ▁▂▁ ▂▁▂▁ ▁▂ ▁▂▁ ▂▁▂▁ ▁▂ ▁▂▁ ▂▁▂▁ ▁▂ ▁▂▁ ▂▁▂▁ ▁▂ ▁▂▁ ▂▁▂▁ ▁▂ ▁▂▁ ▂▁▂▁ ▁▂ ▁▂▁ ▂▁▂▁ ▁▂ ▁▂▁ ▂▁▂▁ ▁▂ ▁▂▁ ▂▁▂▁ ▁▂ ▁▂▁ ▂▁▂▁ ▁▂ ▁▂▁ ▂▁▂▁ ▁▂ ▁▂▁ ▂▁▂▁ ▁▂ ▁▂▁ ▂▁▂▁ ▁▂ ▁▂▁ ▂▁▂▁ ▁▂ ▁▂▁ ▂▁▂▁ ▁▂ ▁▂▁ ▂▁▂▁ ▁▂ ▁▂▁ ▂▁▂▁ ▁▂ ▁▂▁ ▂▁▂▁ ▁▂ ▁▂▁ ▂▁▂▁ ▁▂
▁▂▁ ▂▁▂▁ ▁▂ ▁▂▁ ▂▁▂▁ ▁▂ ▁▂▁ ▂▁▂▁ ▁▂ ▁▂▁ ▂▁▂▁ ▁▂ ▁▂▁ ▂▁▂▁ ▁▂ ▁▂▁ ▂▁▂▁ ▁▂ ▁▂▁ ▂▁▂▁ ▁▂ ▁▂▁ ▂▁▂▁ ▁▂ ▁▂▁ ▂▁▂▁ ▁▂ ▁▂▁ ▂▁▂▁ ▁▂ ▁▂▁ ▂▁▂▁ ▁▂ ▁▂▁ ▂▁▂▁ ▁▂ ▁▂▁ ▂▁▂▁ ▁▂ ▁▂▁ ▂▁▂▁ ▁▂ ▁▂▁ ▂▁▂▁ ▁▂ ▁▂▁ ▂▁▂▁ ▁▂ ▁▂▁ ▂▁▂▁ ▁▂ ▁▂▁ ▂▁▂▁ ▁▂ ▁▂▁ ▂▁▂▁ ▁▂ ▁▂▁ ▂▁▂▁ ▁▂ ▁▂▁ ▂▁▂▁ ▁▂ ▁▂▁ ▂▁▂▁ ▁▂ ▁▂▁ ▂▁▂▁ ▁▂ ▁▂▁ ▂▁▂▁ ▁▂ ▁▂▁ ▂▁▂▁ ▁▂ ▁▂▁ ▂▁▂▁ ▁▂ ▁▂▁ ▂▁▂▁ ▁▂ ▁▂▁ ▂▁▂▁ ▁▂ ▁▂▁ ▂▁▂▁ ▁▂ ▁▂▁ ▂▁▂▁ ▁▂ ▁▂▁ ▂▁▂▁ ▁▂ ▁▂▁ ▂▁▂▁ ▁▂ ▁▂▁ ▂▁▂▁ ▁▂ ▁▂▁ ▂▁▂▁ ▁▂ ▁▂▁ ▂▁▂▁ ▁▂ ▁▂▁ ▂▁▂▁ ▁▂ ▁▂▁ ▂▁▂▁ ▁▂ ▁▂▁ ▂▁▂▁ ▁▂ ▁▂▁ ▂▁▂▁ ▁▂ ▁▂▁ ▂▁▂▁ ▁▂ ▁▂▁ ▂▁▂▁ ▁▂ ▁▂▁ ▂▁▂▁ ▁▂ ▁▂▁ ▂▁▂▁ ▁▂ ▁▂▁ ▂▁▂▁ ▁▂ ▁▂▁ ▂▁▂▁ ▁▂ ▁▂▁ ▂▁▂▁ ▁▂ ▁▂▁ ▂▁▂▁ ▁▂ ▁▂▁ ▂▁▂▁ ▁▂ ▁▂▁ ▂▁▂▁ ▁▂ ▁▂▁ ▂▁▂▁ ▁▂ ▁▂▁ ▂▁▂▁ ▁▂ ▁▂▁ ▂▁▂▁ ▁▂ ▁▂▁ ▂▁▂▁ ▁▂ ▁▂▁ ▂▁▂▁ ▁▂ ▁▂▁ ▂▁▂▁ ▁▂ ▁▂▁ ▂▁▂▁ ▁▂ ▁▂▁ ▂▁▂▁ ▁▂ ▁▂▁ ▂▁▂▁ ▁▂ ▁▂▁ ▂▁▂▁ ▁▂ ▁▂▁ ▂▁▂▁ ▁▂ ▁▂▁ ▂▁▂▁ ▁▂ ▁▂▁ ▂▁▂▁ ▁▂ ▁▂▁ ▂▁▂▁ ▁▂ ▁▂▁ ▂▁▂▁ ▁▂ ▁▂▁ ▂▁▂▁ ▁▂ ▁▂▁ ▂▁▂▁ ▁▂ ▁▂▁ ▂▁▂▁ ▁▂ ▁▂▁ ▂▁▂▁ ▁▂ ▁▂▁ ▂▁▂▁ ▁▂ ▁▂▁ ▂▁▂▁ ▁▂ ▁▂▁ ▂▁▂▁ ▁▂ ▁▂▁ ▂▁▂▁ ▁▂ ▁▂▁ ▂▁▂▁ ▁▂ ▁▂▁ ▂▁▂▁ ▁▂ ▁▂▁ ▂▁▂▁ ▁▂ ▁▂▁ ▂▁▂▁ ▁▂ ▁▂▁ ▂▁▂▁ ▁▂ ▁▂▁ ▂▁▂▁ ▁▂
REUNION DE SENADORES
DE LA
MAYORÍA
▁▂▁ ▂▁▂▁ ▁▂ ▁▂▁ ▂▁▂▁ ▁▂ ▁▂▁ ▂▁▂▁ ▁▂ ▁▂▁ ▂▁▂▁ ▁▂ ▁▂▁ ▂▁▂▁ ▁▂ ▁▂▁ ▂▁▂▁ ▁▂ ▁▂▁ ▂▁▂▁ ▁▂ ▁▂▁ ▂▁▂▁ ▁▂ ▁▂▁ ▂▁▂▁ ▁▂ ▁▂▁ ▂▁▂▁ ▁▂ ▁▂▁ ▂▁▂▁ ▁▂ ▁▂▁ ▂▁▂▁ ▁▂ ▁▂▁ ▂▁▂▁ ▁▂ ▁▂▁ ▂▁▂▁ ▁▂ ▁▂▁ ▂▁▂▁ ▁▂ ▁▂▁ ▂▁▂▁ ▁▂ ▁▂▁ ▂▁▂▁ ▁▂ ▁▂▁ ▂▁▂▁ ▁▂ ▁▂▁ ▂▁▂▁ ▁▂ ▁▂▁ ▂▁▂▁ ▁▂ ▁▂▁ ▂▁▂▁ ▁▂ ▁▂▁ ▂▁▂▁ ▁▂ ▁▂▁ ▂▁▂▁ ▁▂ ▁▂▁ ▂▁▂▁ ▁▂ ▁▂▁ ▂▁▂▁ ▁▂ ▁▂▁ ▂▁▂▁ ▁▂ ▁▂▁ ▂▁▂▁ ▁▂ ▁▂▁ ▂▁▂▁ ▁▂ ▁▂▁ ▂▁▂▁ ▁▂ ▁▂▁ ▂▁▂▁ ▁▂ ▁▂▁ ▂▁▂▁ ▁▂ ▁▂▁ ▂▁▂▁ ▁▂ ▁▂▁ ▂▁▂▁ ▁▂ ▁▂▁ ▂▁▂▁ ▁▂ ▁▂▁ ▂▁▂▁ ▁▂ ▁▂▁ ▂▁▂▁ ▁▂ ▁▂▁ ▂▁▂▁ ▁▂ ▁▂▁ ▂▁▂▁ ▁▂ ▁▂▁ ▂▁▂▁ ▁▂ ▁▂▁ ▂▁▂▁ ▁▂ ▁▂▁ ▂▁▂▁ ▁▂ ▁▂▁ ▂▁▂▁ ▁▂ ▁▂▁ ▂▁▂▁ ▁▂ ▁▂▁ ▂▁▂▁ ▁▂ ▁▂▁ ▂▁▂▁ ▁▂ ▁▂▁ ▂▁▂▁ ▁▂ ▁▂▁ ▂▁▂▁ ▁▂ ▁▂▁ ▂▁▂▁ ▁▂ ▁▂▁ ▂▁▂▁ ▁▂ ▁▂▁ ▂▁▂▁ ▁▂ ▁▂▁ ▂▁▂▁ ▁▂ ▁▂▁ ▂▁▂▁ ▁▂ ▁▂▁ ▂▁▂▁ ▁▂ ▁▂▁ ▂▁▂▁ ▁▂ ▁▂▁ ▂▁▂▁ ▁▂ ▁▂▁ ▂▁▂▁ ▁▂ ▁▂▁ ▂▁▂▁ ▁▂ ▁▂▁ ▂▁▂▁ ▁▂ ▁▂▁ ▂▁▂▁ ▁▂ ▁▂▁ ▂▁▂▁ ▁▂ ▁▂▁ ▂▁▂▁ ▁▂ ▁▂▁ ▂▁▂▁ ▁▂ ▁▂▁ ▂▁▂▁ ▁▂ ▁▂▁ ▂▁▂▁ ▁▂ ▁▂▁ ▂▁▂▁ ▁▂ ▁▂▁ ▂▁▂▁ ▁▂ ▁▂▁ ▂▁▂▁ ▁▂ ▁▂▁ ▂▁▂▁ ▁▂ ▁▂▁ ▂▁▂▁ ▁▂ ▁▂▁ ▂▁▂▁ ▁▂ ▁▂▁ ▂▁▂▁ ▁▂ ▁▂▁ ▂▁▂▁ ▁▂ ▁▂▁ ▂▁▂▁ ▁▂ ▁▂▁ ▂▁▂▁ ▁▂ ▁▂▁ ▂▁▂▁ ▁▂ ▁▂▁ ▂▁▂▁ ▁▂ ▁▂▁ ▂▁▂▁ ▁▂ ▁▂▁ ▂▁▂▁ ▁▂ ▁▂▁ ▂▁▂▁ ▁▂ ▁▂▁ ▂▁▂▁ ▁▂ ▁▂▁ ▂▁▂▁ ▁▂ ▁▂▁ ▂▁▂▁ ▁▂ ▁▂▁ ▂▁▂▁ ▁▂ ▁▂▁ ▂▁▂▁ ▁▂ ▁▂▁ ▂▁▂▁ ▁▂ ▁▂▁ ▂▁▂▁ ▁▂ ▁▂▁ ▂▁▂▁ ▁▂ ▁▂▁ ▂▁▂▁ ▁▂ ▁▂▁ ▂▁▂▁ ▁▂ ▁▂▁ ▂▁▂▁ ▁▂ ▁▂▁ ▂▁▂▁ ▁▂ ▁▂▁ ▂▁▂▁ ▁▂ ▁▂▁ ▂▁▂▁ ▁▂ ▁▂▁ ▂▁▂▁ ▁▂ ▁▂▁ ▂▁▂▁ ▁▂ ▁▂▁ ▂▁▂▁ ▁▂ ▁▂▁ ▂▁▂▁ ▁▂ ▁▂▁ ▂▁▂▁ ▁▂ ▁▂▁ ▂▁▂▁ ▁▂ ▁▂▁ ▂▁▂▁ ▁▂ ▁▂▁ ▂▁▂▁ ▁▂ ▁▂▁ ▂▁▂▁ ▁▂ ▁▂▁ ▂▁▂▁ ▁▂ ▁▂▁ ▂▁▂▁ ▁▂ ▁▂▁ ▂▁▂▁ ▁▂ ▁▂▁ ▂▁▂▁ ▁▂ ▁▂▁ ▂▁▂▁ ▁▂ ▁▂▁ ▂▁▂▁ ▁▂ ▁▂▁ ▂▁▂▁ ▁▂ ▁▂▁ ▂▁▂▁ ▁▂ ▁▂▁ ▂▁▂▁ ▁▂ ▁▂▁ ▂▁▂▁ ▁▂ ▁▂▁ ▂▁▂▁ ▁▂ ▁▂▁ ▂▁▂▁ ▁▂ ▁▂▁ ▂▁▂▁ ▁▂
